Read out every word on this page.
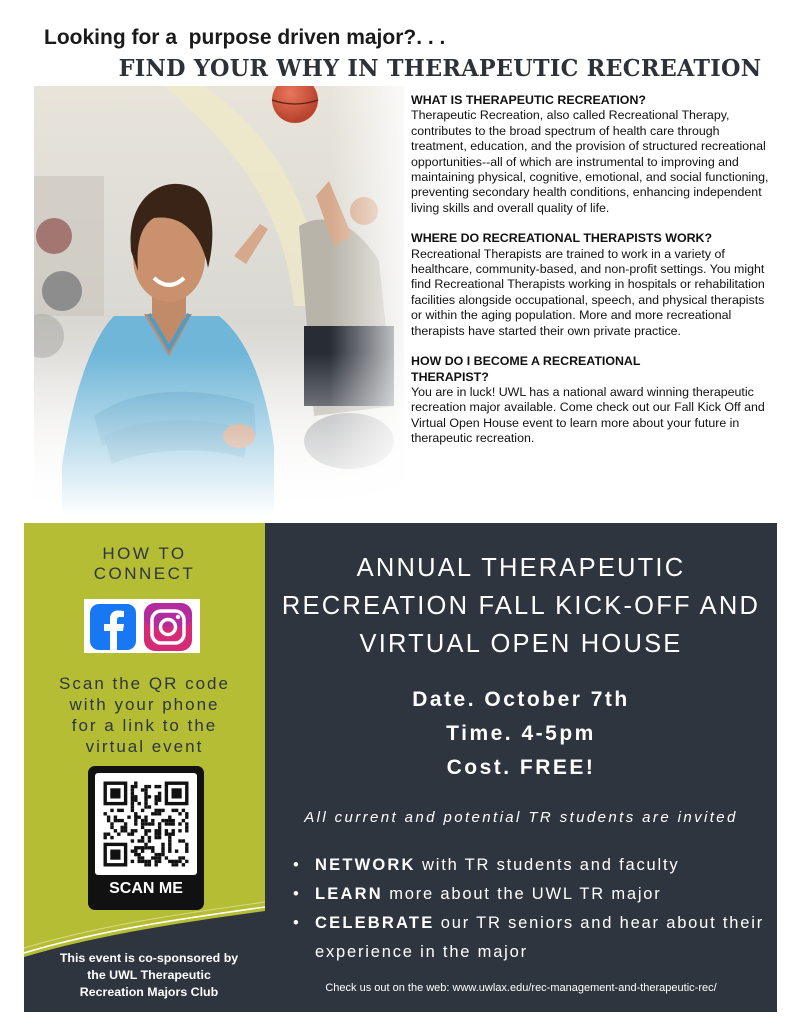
Looking for a  purpose driven major?. . .
FIND YOUR WHY IN THERAPEUTIC RECREATION
WHAT IS THERAPEUTIC RECREATION?

Therapeutic Recreation, also called Recreational Therapy, contributes to the broad spectrum of health care through treatment, education, and the provision of structured recreational opportunities--all of which are instrumental to improving and maintaining physical, cognitive, emotional, and social functioning, preventing secondary health conditions, enhancing independent living skills and overall quality of life.

WHERE DO RECREATIONAL THERAPISTS WORK?

Recreational Therapists are trained to work in a variety of healthcare, community-based, and non-profit settings. You might find Recreational Therapists working in hospitals or rehabilitation facilities alongside occupational, speech, and physical therapists or within the aging population. More and more recreational therapists have started their own private practice.

HOW DO I BECOME A RECREATIONAL THERAPIST?

You are in luck! UWL has a national award winning therapeutic recreation major available. Come check out our Fall Kick Off and Virtual Open House event to learn more about your future in therapeutic recreation.

HOW TO
CONNECT
Scan the QR code
with your phone
for a link to the
virtual event
SCAN ME
This event is co-sponsored by
the UWL Therapeutic
Recreation Majors Club
ANNUAL THERAPEUTIC
RECREATION FALL KICK-OFF AND
VIRTUAL OPEN HOUSE
Date. October 7th
Time. 4-5pm
Cost. FREE!
All current and potential TR students are invited
• NETWORK with TR students and faculty
• LEARN more about the UWL TR major
• CELEBRATE our TR seniors and hear about their experience in the major
Check us out on the web: www.uwlax.edu/rec-management-and-therapeutic-rec/
